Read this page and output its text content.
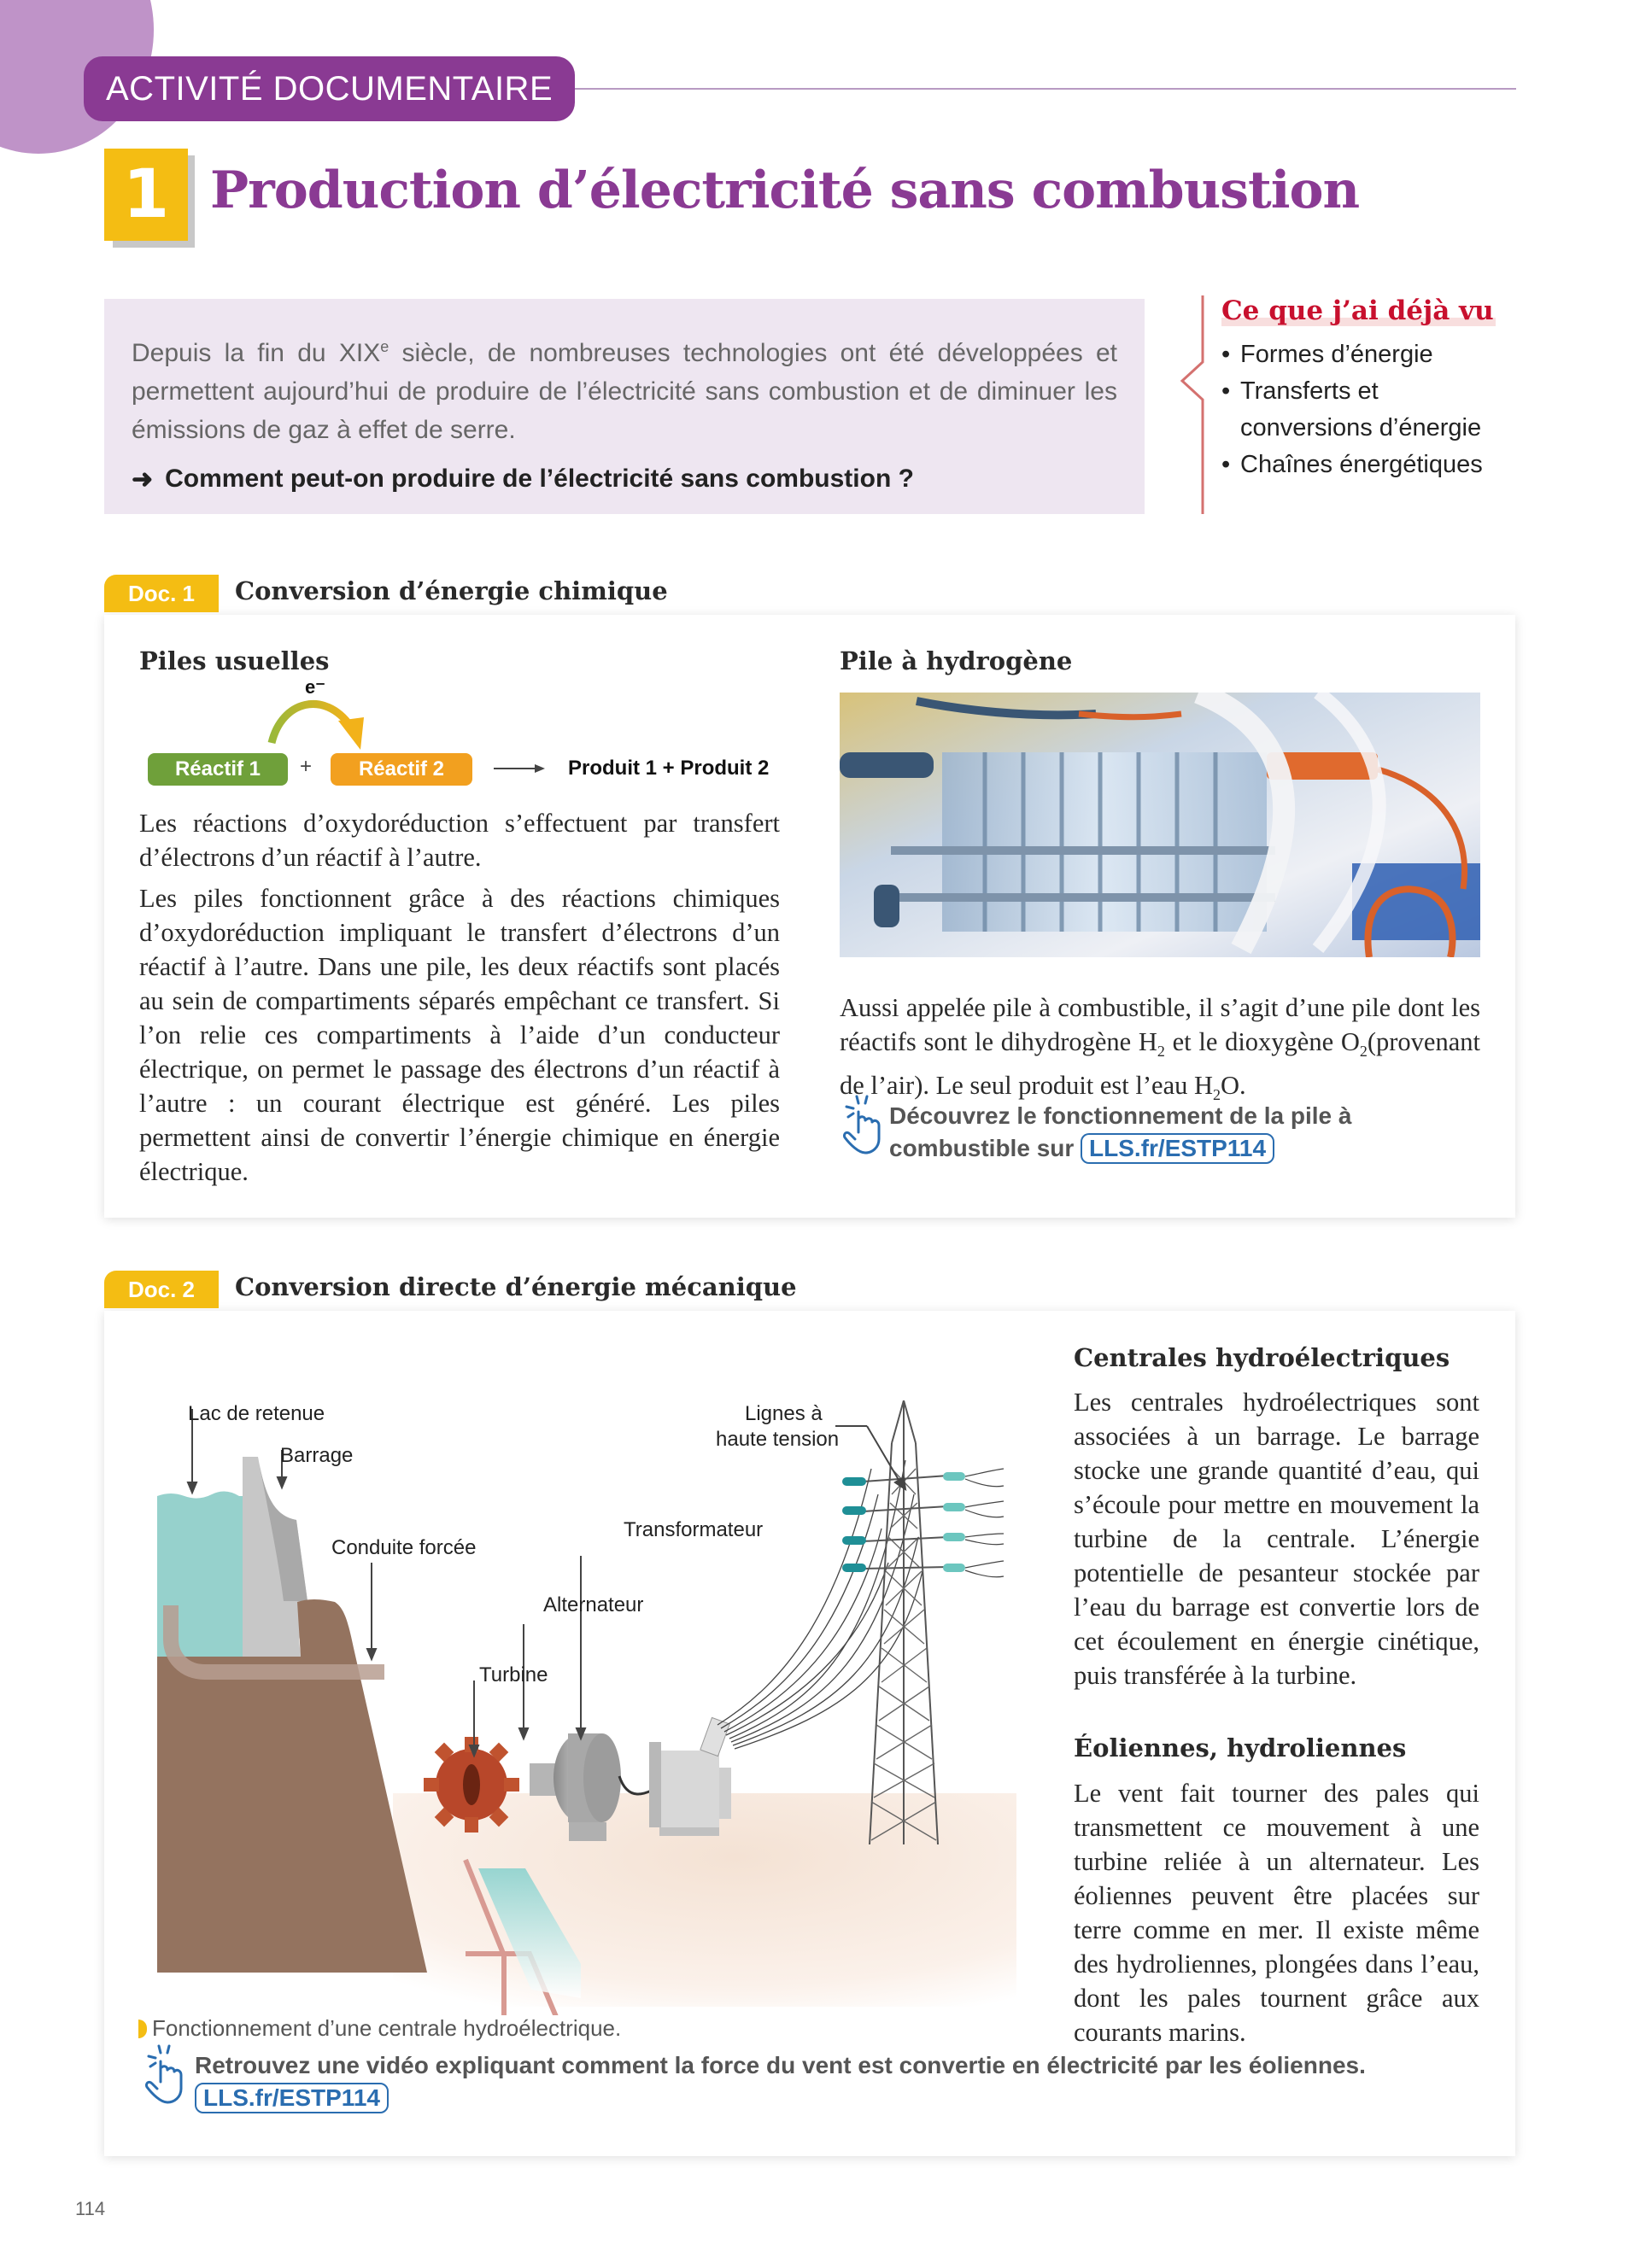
ACTIVITÉ DOCUMENTAIRE
1 Production d’électricité sans combustion

Depuis la fin du XIXe siècle, de nombreuses technologies ont été développées et permettent aujourd’hui de produire de l’électricité sans combustion et de diminuer les émissions de gaz à effet de serre.

➜ Comment peut-on produire de l’électricité sans combustion ?

Ce que j’ai déjà vu
• Formes d’énergie
• Transferts et conversions d’énergie
• Chaînes énergétiques
Doc. 1	Conversion d’énergie chimique
Piles usuelles
e⁻
Réactif 1 + Réactif 2	Produit 1 + Produit 2

Les réactions d’oxydoréduction s’effectuent par transfert d’électrons d’un réactif à l’autre.

Les piles fonctionnent grâce à des réactions chimiques d’oxydoréduction impliquant le transfert d’électrons d’un réactif à l’autre. Dans une pile, les deux réactifs sont placés au sein de compartiments séparés empêchant ce transfert. Si l’on relie ces compartiments à l’aide d’un conducteur électrique, on permet le passage des électrons d’un réactif à l’autre : un courant électrique est généré. Les piles permettent ainsi de convertir l’énergie chimique en énergie électrique.

Pile à hydrogène

Aussi appelée pile à combustible, il s’agit d’une pile dont les réactifs sont le dihydrogène $H_2$ et le dioxygène $O_2(provenant$ de l’air). Le seul produit est l’eau $H_2O$.

Découvrez le fonctionnement de la pile à combustible sur LLS.fr/ESTP114
Doc. 2	Conversion directe d’énergie mécanique
Lac de retenue
Barrage
Conduite forcée
Turbine
Alternateur
Transformateur
Lignes à
haute tension
Fonctionnement d’une centrale hydroélectrique.
Centrales hydroélectriques

Les centrales hydroélectriques sont associées à un barrage. Le barrage stocke une grande quantité d’eau, qui s’écoule pour mettre en mouvement la turbine de la centrale. L’énergie potentielle de pesanteur stockée par l’eau du barrage est convertie lors de cet écoulement en énergie cinétique, puis transférée à la turbine.

Éoliennes, hydroliennes

Le vent fait tourner des pales qui transmettent ce mouvement à une turbine reliée à un alternateur. Les éoliennes peuvent être placées sur terre comme en mer. Il existe même des hydroliennes, plongées dans l’eau, dont les pales tournent grâce aux courants marins.

Retrouvez une vidéo expliquant comment la force du vent est convertie en électricité par les éoliennes.
LLS.fr/ESTP114
114
